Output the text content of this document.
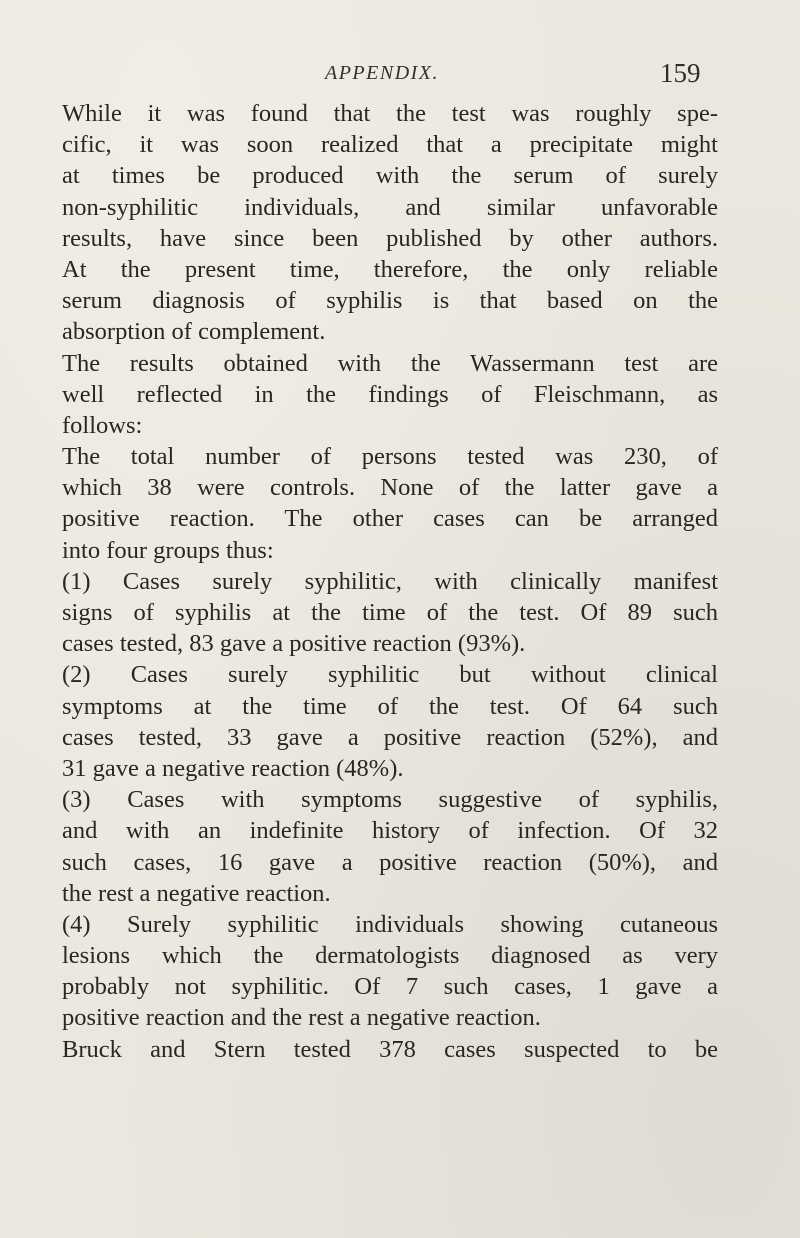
APPENDIX.	159
While it was found that the test was roughly spe-
cific, it was soon realized that a precipitate might
at times be produced with the serum of surely
non-syphilitic individuals, and similar unfavorable
results, have since been published by other authors.
At the present time, therefore, the only reliable
serum diagnosis of syphilis is that based on the
absorption of complement.
The results obtained with the Wassermann test are
well reflected in the findings of Fleischmann, as
follows:
The total number of persons tested was 230, of
which 38 were controls. None of the latter gave a
positive reaction. The other cases can be arranged
into four groups thus:
(1) Cases surely syphilitic, with clinically manifest
signs of syphilis at the time of the test. Of 89 such
cases tested, 83 gave a positive reaction (93%).
(2) Cases surely syphilitic but without clinical
symptoms at the time of the test. Of 64 such
cases tested, 33 gave a positive reaction (52%), and
31 gave a negative reaction (48%).
(3) Cases with symptoms suggestive of syphilis,
and with an indefinite history of infection. Of 32
such cases, 16 gave a positive reaction (50%), and
the rest a negative reaction.
(4) Surely syphilitic individuals showing cutaneous
lesions which the dermatologists diagnosed as very
probably not syphilitic. Of 7 such cases, 1 gave a
positive reaction and the rest a negative reaction.
Bruck and Stern tested 378 cases suspected to be
